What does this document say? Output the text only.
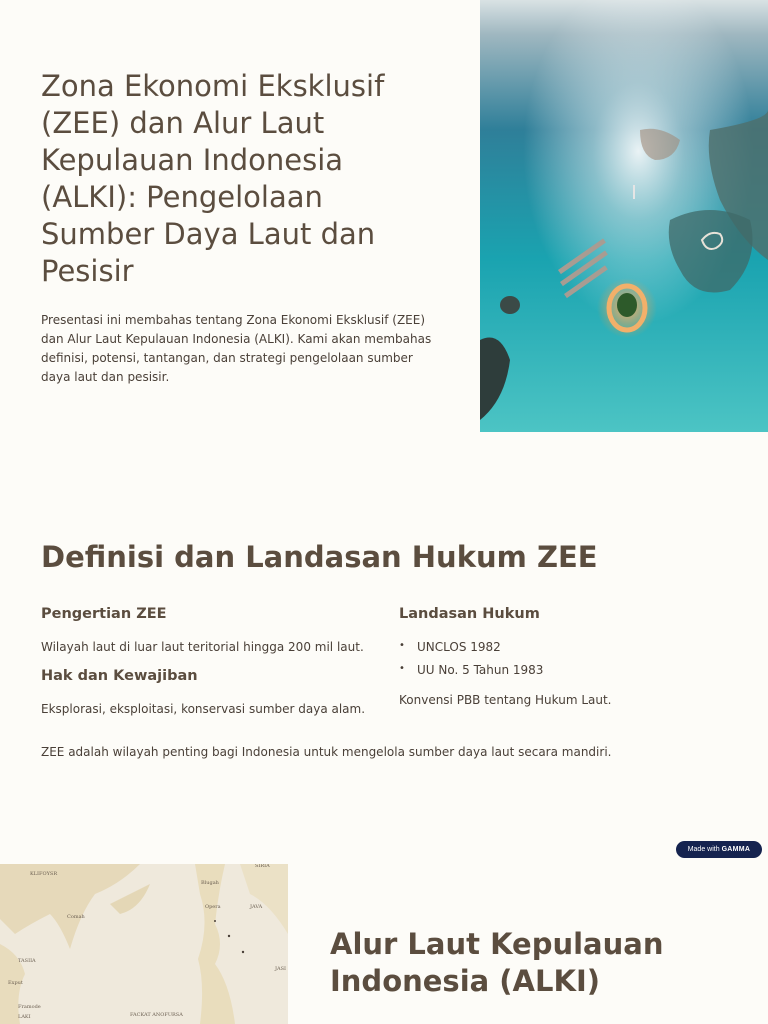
Zona Ekonomi Eksklusif (ZEE) dan Alur Laut Kepulauan Indonesia (ALKI): Pengelolaan Sumber Daya Laut dan Pesisir

Presentasi ini membahas tentang Zona Ekonomi Eksklusif (ZEE) dan Alur Laut Kepulauan Indonesia (ALKI). Kami akan membahas definisi, potensi, tantangan, dan strategi pengelolaan sumber daya laut dan pesisir.

Definisi dan Landasan Hukum ZEE
Pengertian ZEE

Wilayah laut di luar laut teritorial hingga 200 mil laut.

Hak dan Kewajiban

Eksplorasi, eksploitasi, konservasi sumber daya alam.

Landasan Hukum
• UNCLOS 1982
• UU No. 5 Tahun 1983

Konvensi PBB tentang Hukum Laut.

ZEE adalah wilayah penting bagi Indonesia untuk mengelola sumber daya laut secara mandiri.

Made with GAMMA
KLIFOYSR
Comah
Blugah
Opera	JAVA
TASIIA
Exput
Framode
LAKI	FACKAT ANOFURSA
SIRIA
JASI
Alur Laut Kepulauan Indonesia (ALKI)
